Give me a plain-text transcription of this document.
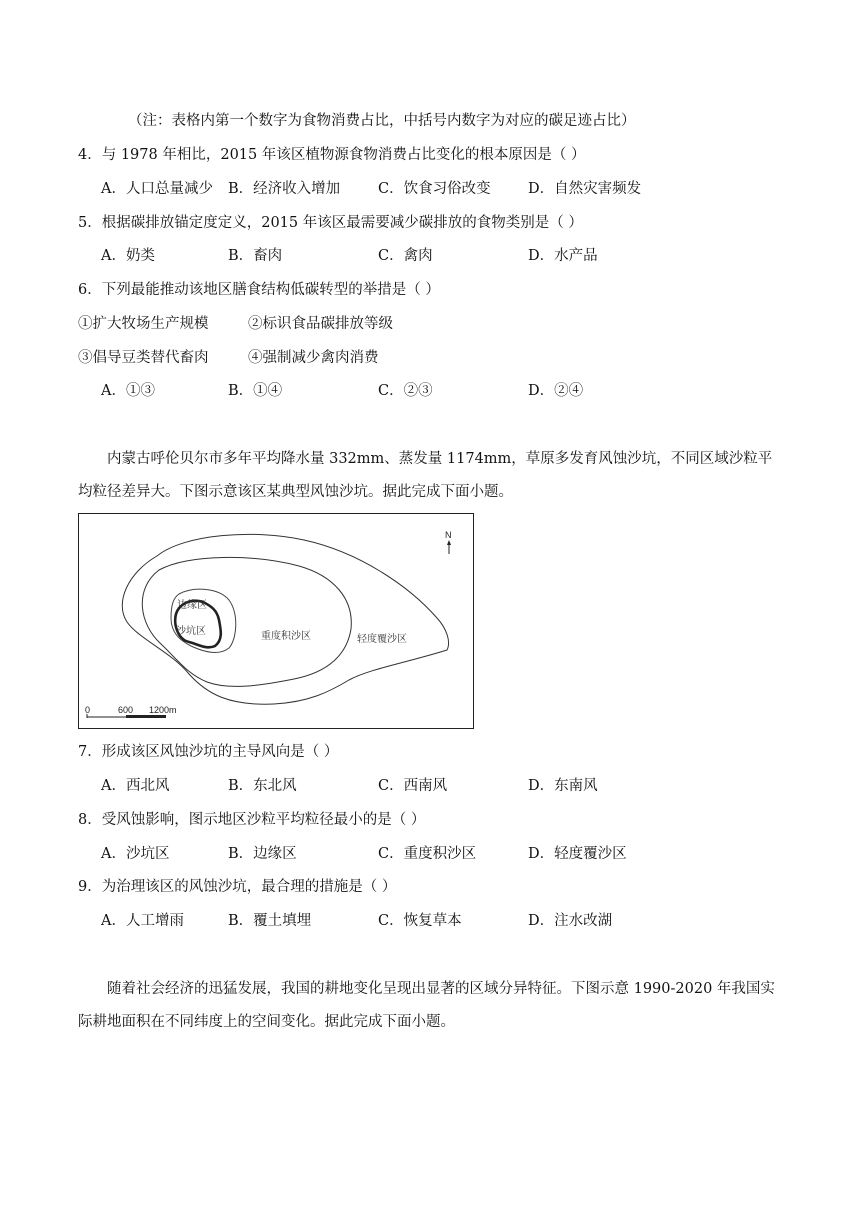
（注：表格内第一个数字为食物消费占比，中括号内数字为对应的碳足迹占比）
4．与 1978 年相比，2015 年该区植物源食物消费占比变化的根本原因是（ ）
A．人口总量减少 B．经济收入增加	C．饮食习俗改变	D．自然灾害频发
5．根据碳排放锚定度定义，2015 年该区最需要减少碳排放的食物类别是（ ）
A．奶类	B．畜肉	C．禽肉	D．水产品
6．下列最能推动该地区膳食结构低碳转型的举措是（ ）
①扩大牧场生产规模	②标识食品碳排放等级
③倡导豆类替代畜肉	④强制减少禽肉消费
A．①③	B．①④	C．②③	D．②④
内蒙古呼伦贝尔市多年平均降水量 332mm、蒸发量 1174mm，草原多发育风蚀沙坑，不同区域沙粒平均粒径差异大。下图示意该区某典型风蚀沙坑。据此完成下面小题。
边缘区
沙坑区	重度积沙区	轻度覆沙区
N
0	600 1200m
7．形成该区风蚀沙坑的主导风向是（ ）
A．西北风	B．东北风	C．西南风	D．东南风
8．受风蚀影响，图示地区沙粒平均粒径最小的是（ ）
A．沙坑区	B．边缘区	C．重度积沙区	D．轻度覆沙区
9．为治理该区的风蚀沙坑，最合理的措施是（ ）
A．人工增雨	B．覆土填埋	C．恢复草本	D．注水改湖
随着社会经济的迅猛发展，我国的耕地变化呈现出显著的区域分异特征。下图示意 1990-2020 年我国实际耕地面积在不同纬度上的空间变化。据此完成下面小题。
